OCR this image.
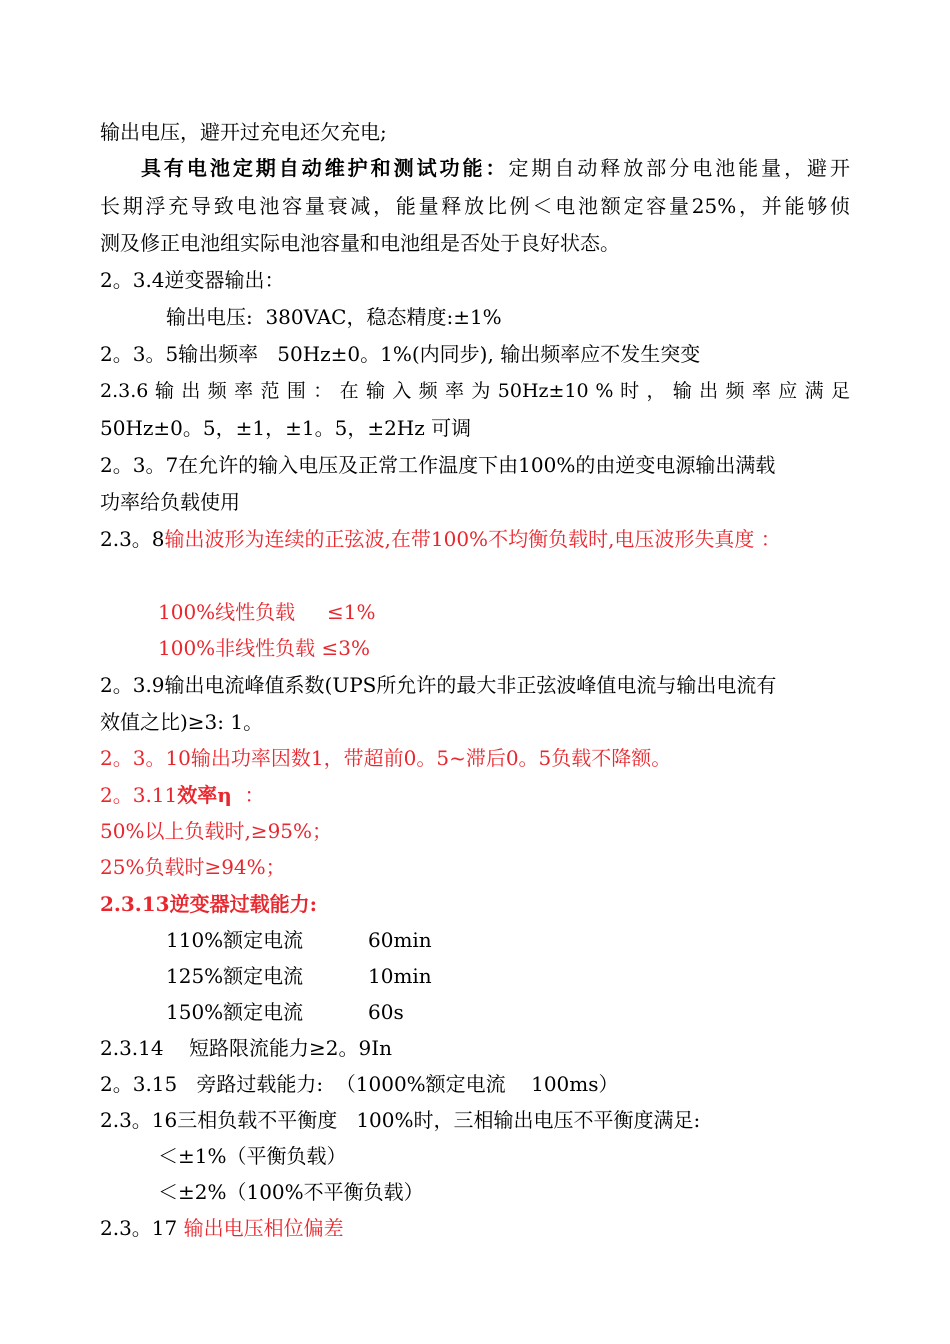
输出电压，避开过充电还欠充电;
具有电池定期自动维护和测试功能：定期自动释放部分电池能量，避开
长期浮充导致电池容量衰减，能量释放比例＜电池额定容量25%，并能够侦
测及修正电池组实际电池容量和电池组是否处于良好状态。
2。3.4逆变器输出：
输出电压:  380VAC，稳态精度:±1%
2。3。5输出频率   50Hz±0。1%(内同步), 输出频率应不发生突变
2.3.6 输 出 频 率 范 围 ： 在 输 入 频 率 为 50Hz±10 % 时 ， 输 出 频 率 应 满 足
50Hz±0。5，±1，±1。5，±2Hz 可调
2。3。7在允许的输入电压及正常工作温度下由100%的由逆变电源输出满载
功率给负载使用
2.3。8输出波形为连续的正弦波,在带100%不均衡负载时,电压波形失真度 ：
100%线性负载     ≤1%
100%非线性负载 ≤3%
2。3.9输出电流峰值系数(UPS所允许的最大非正弦波峰值电流与输出电流有
效值之比)≥3: 1。
2。3。10输出功率因数1，带超前0。5~滞后0。5负载不降额。
2。3.11效率η  ：
50%以上负载时,≥95%；
25%负载时≥94%；
2.3.13逆变器过载能力:
110%额定电流	60min
125%额定电流	10min
150%额定电流	60s
2.3.14    短路限流能力≥2。9In
2。3.15   旁路过载能力:  （1000%额定电流    100ms）
2.3。16三相负载不平衡度   100%时，三相输出电压不平衡度满足:
＜±1%（平衡负载）
＜±2%（100%不平衡负载）
2.3。17 输出电压相位偏差
